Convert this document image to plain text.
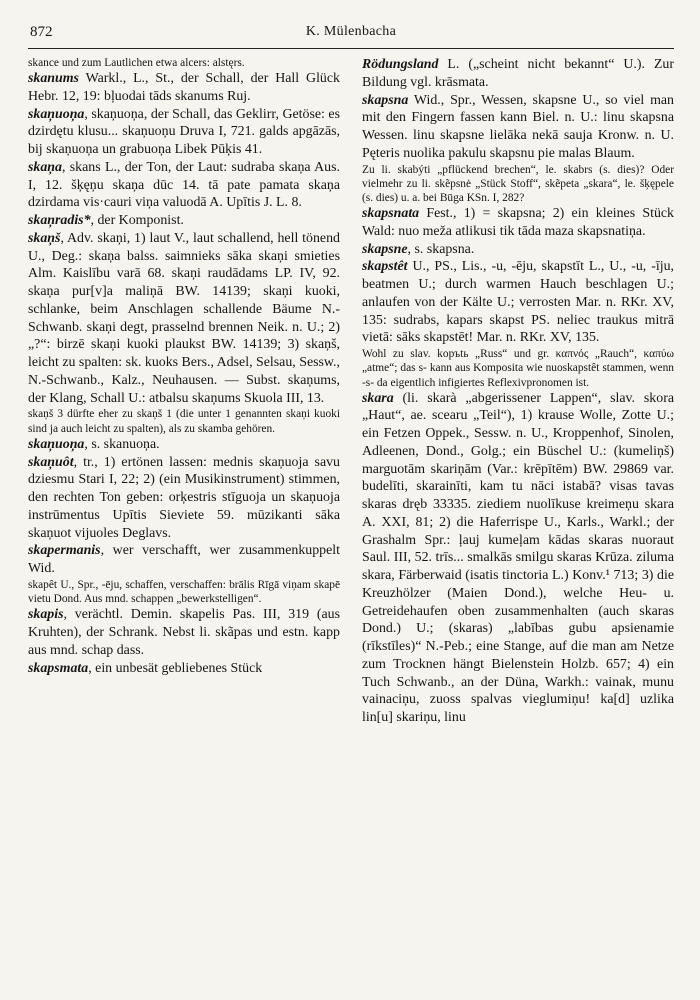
872	K. Mülenbacha

skance und zum Lautlichen etwa alcers: alstęrs.

skanums Warkl., L., St., der Schall, der Hall Glück Hebr. 12, 19: bļuodai tāds skanums Ruj.

skaņuoņa, skaņuoņa, der Schall, das Geklirr, Getöse: es dzirdętu klusu... skaņuoņu Druva I, 721. galds apgāzās, bij skaņuoņa un grabuoņa Libek Pūķis 41.

skaņa, skans L., der Ton, der Laut: sudraba skaņa Aus. I, 12. šķęņu skaņa dūc 14. tā pate pamata skaņa dzirdama vis·cauri viņa valuodā A. Upītis J. L. 8.

skaņradis*, der Komponist.

skaņš, Adv. skaņi, 1) laut V., laut schallend, hell tönend U., Deg.: skaņa balss. saimnieks sāka skaņi smieties Alm. Kaislību varā 68. skaņi raudādams LP. IV, 92. skaņa pur[v]a maliņā BW. 14139; skaņi kuoki, schlanke, beim Anschlagen schallende Bäume N.-Schwanb. skaņi degt, prasselnd brennen Neik. n. U.; 2) „?“: birzē skaņi kuoki plaukst BW. 14139; 3) skaņš, leicht zu spalten: sk. kuoks Bers., Adsel, Selsau, Sessw., N.-Schwanb., Kalz., Neuhausen. — Subst. skaņums, der Klang, Schall U.: atbalsu skaņums Skuola III, 13.

skaņš 3 dürfte eher zu skaņš 1 (die unter 1 genannten skaņi kuoki sind ja auch leicht zu spalten), als zu skamba gehören.

skaņuoņa, s. skanuoņa.

skaņuôt, tr., 1) ertönen lassen: mednis skaņuoja savu dziesmu Stari I, 22; 2) (ein Musikinstrument) stimmen, den rechten Ton geben: orķestris stīguoja un skaņuoja instrūmentus Upītis Sieviete 59. mūzikanti sāka skaņuot vijuoles Deglavs.

skapermanis, wer verschafft, wer zusammenkuppelt Wid.

skapêt U., Spr., -ēju, schaffen, verschaffen: brālis Rīgā viņam skapē vietu Dond. Aus mnd. schappen „bewerkstelligen“.

skapis, verächtl. Demin. skapelis Pas. III, 319 (aus Kruhten), der Schrank. Nebst li. skãpas und estn. kapp aus mnd. schap dass.

skapsmata, ein unbesät gebliebenes Stück

Rödungsland L. („scheint nicht bekannt“ U.). Zur Bildung vgl. krāsmata.

skapsna Wid., Spr., Wessen, skapsne U., so viel man mit den Fingern fassen kann Biel. n. U.: linu skapsna Wessen. linu skapsne lielāka nekā sauja Kronw. n. U. Pęteris nuolika pakulu skapsnu pie malas Blaum.

Zu li. skabýti „pflückend brechen“, le. skabrs (s. dies)? Oder vielmehr zu li. skẽpsnė „Stück Stoff“, skẽpeta „skara“, le. šķępele (s. dies) u. a. bei Būga KSn. I, 282?

skapsnata Fest., 1) = skapsna; 2) ein kleines Stück Wald: nuo meža atlikusi tik tāda maza skapsnatiņa.

skapsne, s. skapsna.

skapstêt U., PS., Lis., -u, -ēju, skapstīt L., U., -u, -īju, beatmen U.; durch warmen Hauch beschlagen U.; anlaufen von der Kälte U.; verrosten Mar. n. RKr. XV, 135: sudrabs, kapars skapst PS. neliec traukus mitrā vietā: sāks skapstēt! Mar. n. RKr. XV, 135.

Wohl zu slav. kopъtь „Russ“ und gr. καπνός „Rauch“, καπύω „atme“; das s- kann aus Komposita wie nuoskapstêt stammen, wenn -s- da eigentlich infigiertes Reflexivpronomen ist.

skara (li. skarà „abgerissener Lappen“, slav. skora „Haut“, ae. scearu „Teil“), 1) krause Wolle, Zotte U.; ein Fetzen Oppek., Sessw. n. U., Kroppenhof, Sinolen, Adleenen, Dond., Golg.; ein Büschel U.: (kumeliņš) marguotām skariņām (Var.: krēpītēm) BW. 29869 var. budelīti, skarainīti, kam tu nāci istabā? visas tavas skaras dręb 33335. ziediem nuolīkuse kreimeņu skara A. XXI, 81; 2) die Haferrispe U., Karls., Warkl.; der Grashalm Spr.: ļauj kumeļam kādas skaras nuoraut Saul. III, 52. trīs... smalkās smilgu skaras Krūza. ziluma skara, Färberwaid (isatis tinctoria L.) Konv.¹ 713; 3) die Kreuzhölzer (Maien Dond.), welche Heu- u. Getreidehaufen oben zusammenhalten (auch skaras Dond.) U.; (skaras) „labības gubu apsienamie (rīkstīles)“ N.-Peb.; eine Stange, auf die man am Netze zum Trocknen hängt Bielenstein Holzb. 657; 4) ein Tuch Schwanb., an der Düna, Warkh.: vainak, munu vainaciņu, zuoss spalvas vieglumiņu! ka[d] uzlika lin[u] skariņu, linu
